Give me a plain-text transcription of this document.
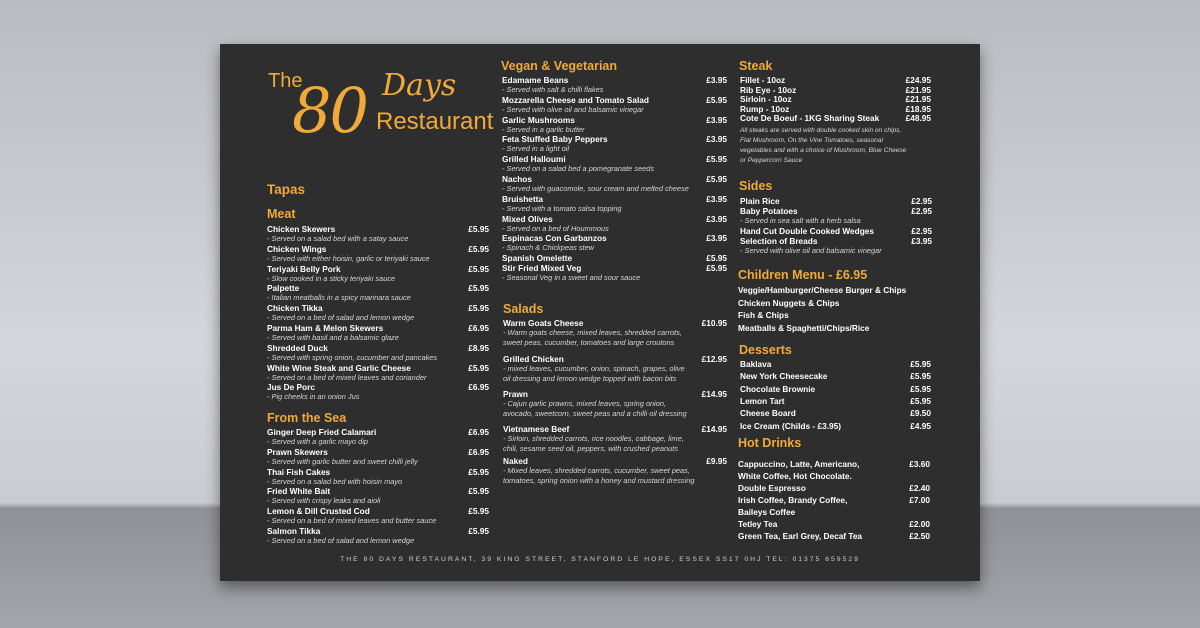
The
80 Days
Restaurant
Tapas
Meat
Chicken Skewers	£5.95
- Served on a salad bed with a satay sauce
Chicken Wings	£5.95
- Served with either hoisin, garlic or teriyaki sauce
Teriyaki Belly Pork	£5.95
- Slow cooked in a sticky teriyaki sauce
Palpette	£5.95
- Italian meatballs in a spicy marinara sauce
Chicken Tikka	£5.95
- Served on a bed of salad and lemon wedge
Parma Ham & Melon Skewers	£6.95
- Served with basil and a balsamic glaze
Shredded Duck	£8.95
- Served with spring onion, cucumber and pancakes
White Wine Steak and Garlic Cheese	£5.95
- Served on a bed of mixed leaves and coriander
Jus De Porc	£6.95
- Pig cheeks in an onion Jus
From the Sea
Ginger Deep Fried Calamari	£6.95
- Served with a garlic mayo dip
Prawn Skewers	£6.95
- Served with garlic butter and sweet chilli jelly
Thai Fish Cakes	£5.95
- Served on a salad bed with hoisin mayo
Fried White Bait	£5.95
- Served with crispy leaks and aioli
Lemon & Dill Crusted Cod	£5.95
- Served on a bed of mixed leaves and butter sauce
Salmon Tikka	£5.95
- Served on a bed of salad and lemon wedge
Vegan & Vegetarian
Edamame Beans	£3.95
- Served with salt & chilli flakes
Mozzarella Cheese and Tomato Salad	£5.95
- Served with olive oil and balsamic vinegar
Garlic Mushrooms	£3.95
- Served in a garlic butter
Feta Stuffed Baby Peppers	£3.95
- Served in a light oil
Grilled Halloumi	£5.95
- Served on a salad bed a pomegranate seeds
Nachos	£5.95
- Served with guacomole, sour cream and melted cheese
Bruishetta	£3.95
- Served with a tomato salsa topping
Mixed Olives	£3.95
- Served on a bed of Hoummous
Espinacas Con Garbanzos	£3.95
- Spinach & Chickpeas stew
Spanish Omelette	£5.95
Stir Fried Mixed Veg	£5.95
- Seasonal Veg in a sweet and sour sauce
Salads
Warm Goats Cheese	£10.95
- Warm goats cheese, mixed leaves, shredded carrots,
sweet peas, cucumber, tomatoes and large croutons
Grilled Chicken	£12.95
- mixed leaves, cucumber, onion, spinach, grapes, olive
oil dressing and lemon wedge topped with bacon bits
Prawn	£14.95
- Cajun garlic prawns, mixed leaves, spring onion,
avocado, sweetcorn, sweet peas and a chilli oil dressing
Vietnamese Beef	£14.95
- Sirloin, shredded carrots, rice noodles, cabbage, lime,
chili, sesame seed oil, peppers, with crushed peanuts
Naked	£9.95
- Mixed leaves, shredded carrots, cucumber, sweet peas,
tomatoes, spring onion with a honey and mustard dressing
Steak
Fillet - 10oz	£24.95
Rib Eye - 10oz	£21.95
Sirloin - 10oz	£21.95
Rump - 10oz	£18.95
Cote De Boeuf - 1KG Sharing Steak	£48.95
All steaks are served with double cooked skin on chips,
Flat Mushroom, On the Vine Tomatoes, seasonal
vegetables and with a choice of Mushroom, Blue Cheese
or Peppercorn Sauce
Sides
Plain Rice	£2.95
Baby Potatoes	£2.95
Hand Cut Double Cooked Wedges	£2.95
Selection of Breads	£3.95
- Served in sea salt with a herb salsa
- Served with olive oil and balsamic vinegar
Children Menu - £6.95
Veggie/Hamburger/Cheese Burger & Chips
Chicken Nuggets & Chips
Fish & Chips
Meatballs & Spaghetti/Chips/Rice
Desserts
Baklava	£5.95
New York Cheesecake	£5.95
Chocolate Brownie	£5.95
Lemon Tart	£5.95
Cheese Board	£9.50
Ice Cream (Childs - £3.95)	£4.95
Hot Drinks
Cappuccino, Latte, Americano,	£3.60
White Coffee, Hot Chocolate.
Double Espresso	£2.40
Irish Coffee, Brandy Coffee,	£7.00
Baileys Coffee
Tetley Tea	£2.00
Green Tea, Earl Grey, Decaf Tea	£2.50
THE 80 DAYS RESTAURANT, 39 KING STREET, STANFORD LE HOPE, ESSEX SS17 0HJ TEL: 01375 659529
